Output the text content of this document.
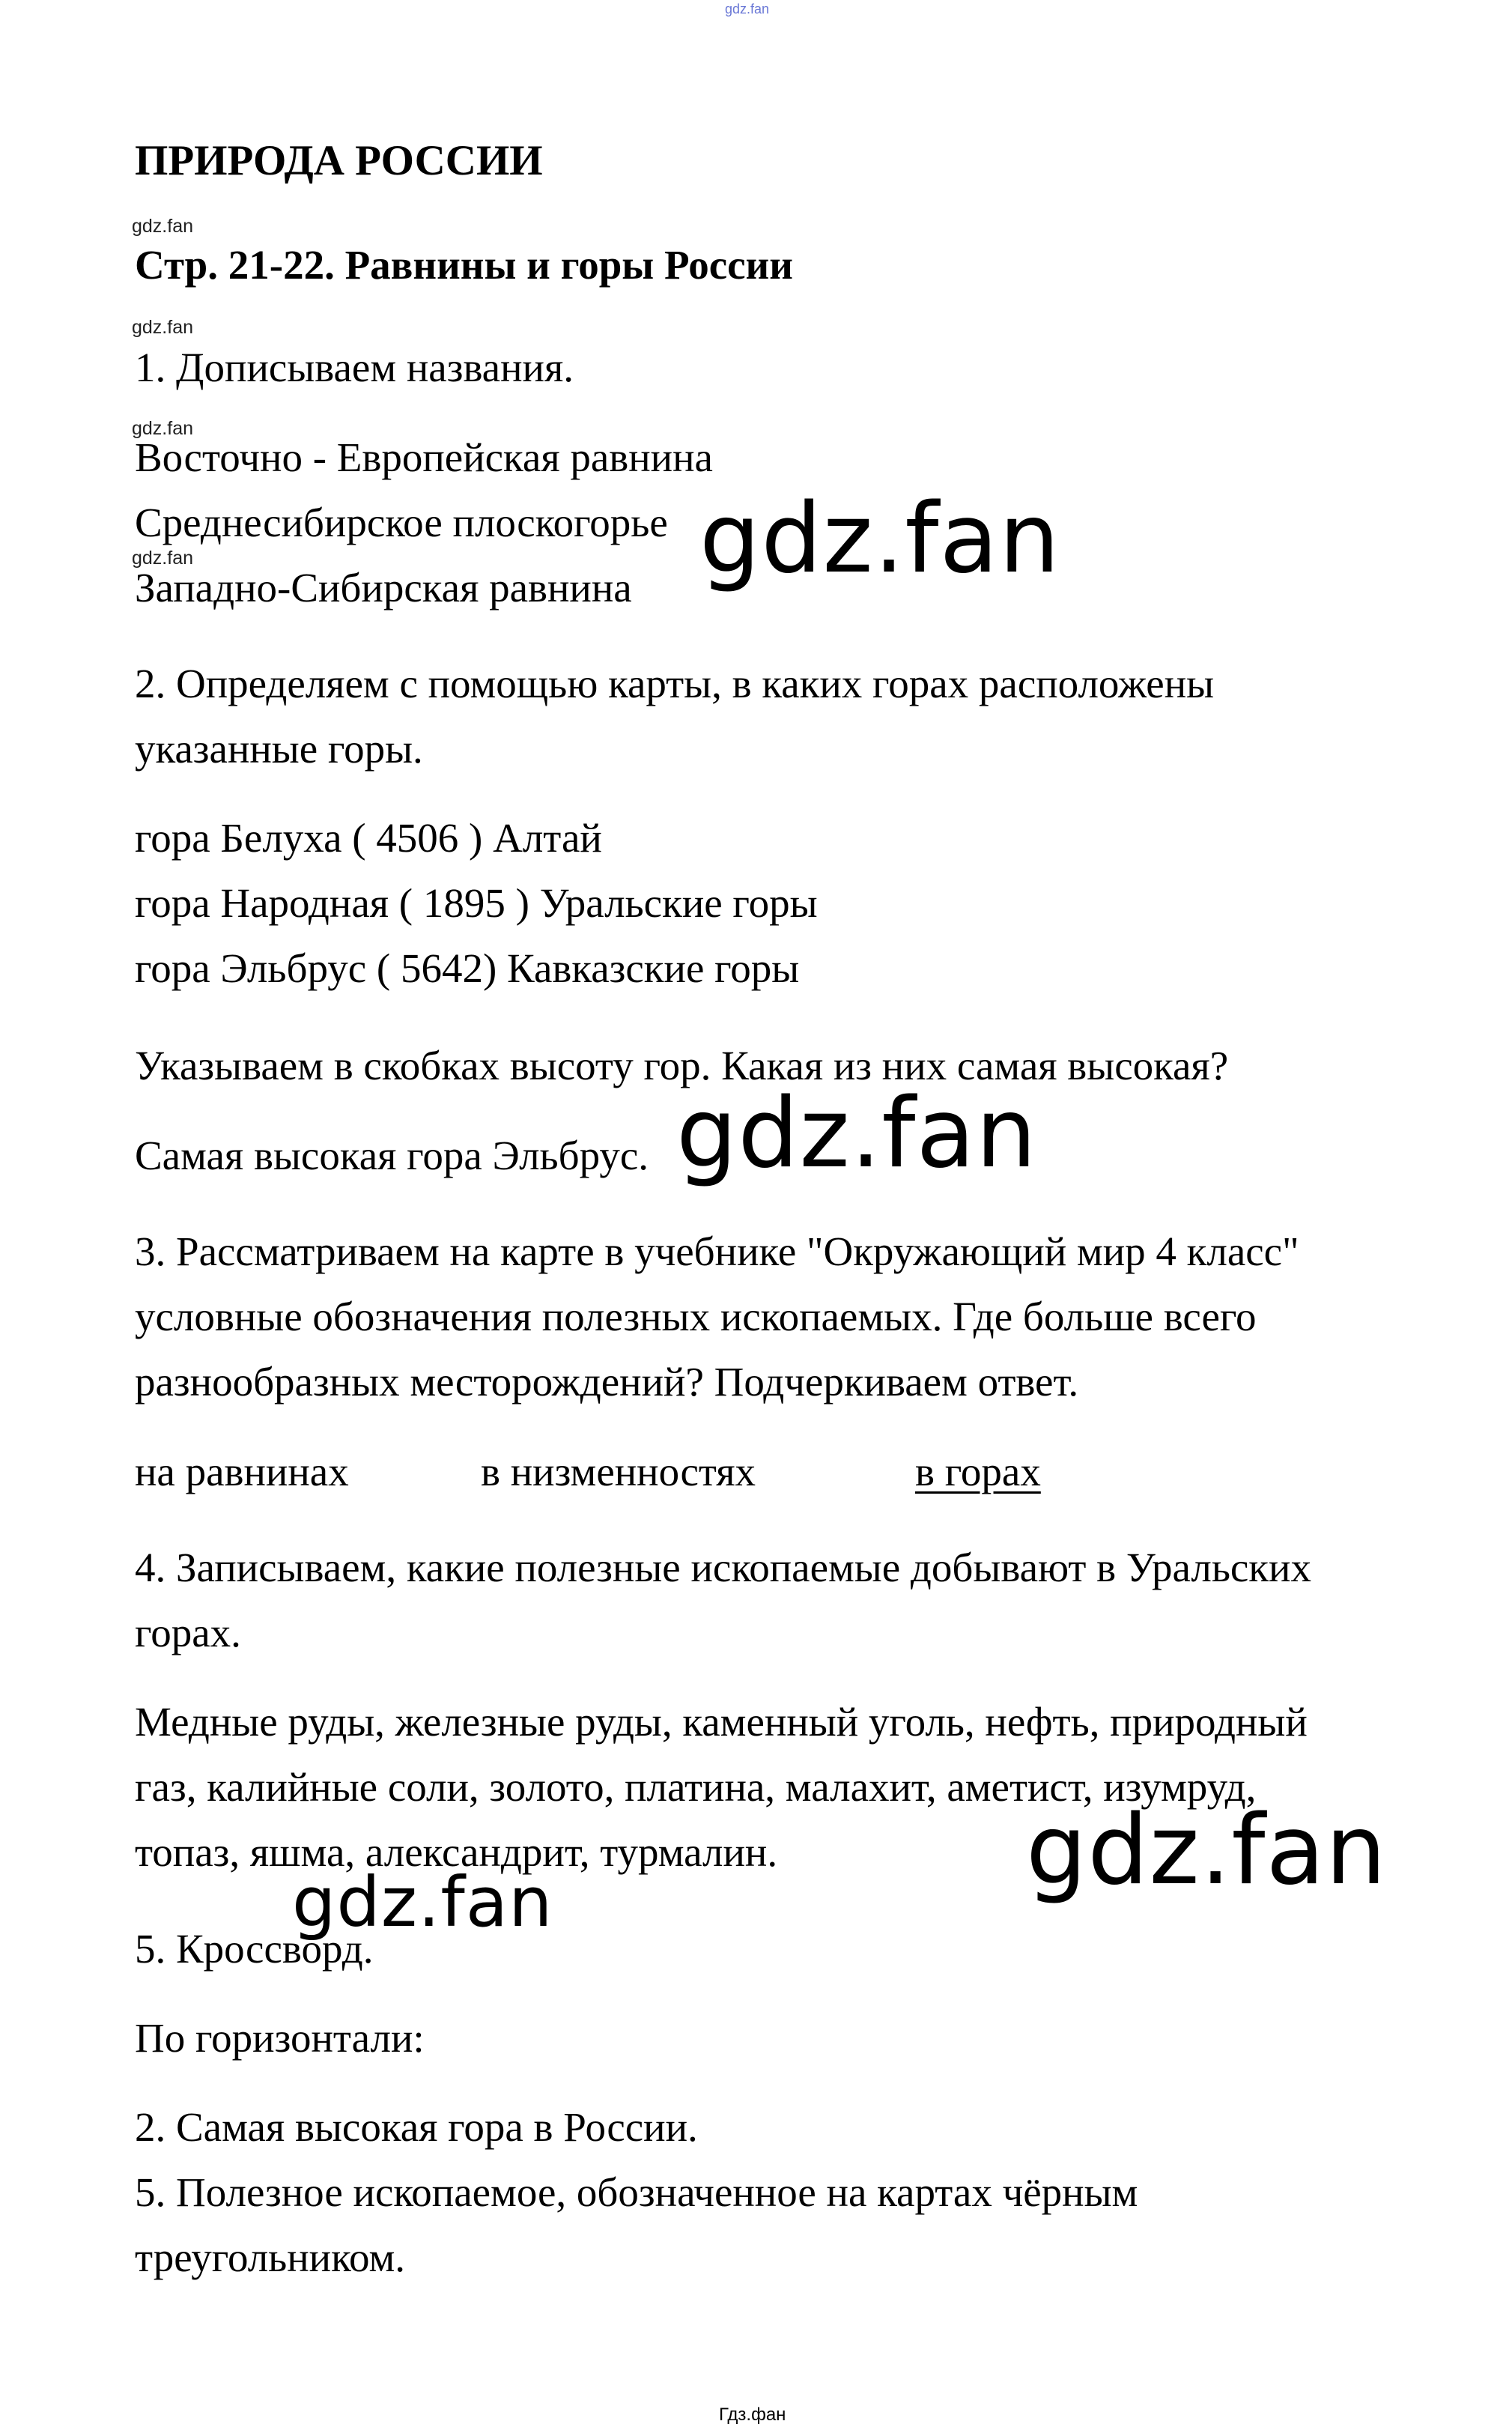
gdz.fan
ПРИРОДА РОССИИ
gdz.fan
Стр. 21-22. Равнины и горы России
gdz.fan
1. Дописываем названия.
gdz.fan
Восточно - Европейская равнина
Среднесибирское плоскогорье
gdz.fan
Западно-Сибирская равнина gdz.fan
2. Определяем с помощью карты, в каких горах расположены
указанные горы.
гора Белуха ( 4506 ) Алтай
гора Народная ( 1895 ) Уральские горы
гора Эльбрус ( 5642) Кавказские горы
Указываем в скобках высоту гор. Какая из них самая высокая?
Самая высокая гора Эльбрус. gdz.fan
3. Рассматриваем на карте в учебнике "Окружающий мир 4 класс"
условные обозначения полезных ископаемых. Где больше всего
разнообразных месторождений? Подчеркиваем ответ.
на равнинах	в низменностях	в горах
4. Записываем, какие полезные ископаемые добывают в Уральских
горах.
Медные руды, железные руды, каменный уголь, нефть, природный
газ, калийные соли, золото, платина, малахит, аметист, изумруд,
топаз, яшма, александрит, турмалин.	gdz.fan
gdz.fan
5. Кроссворд.
По горизонтали:
2. Самая высокая гора в России.
5. Полезное ископаемое, обозначенное на картах чёрным
треугольником.
Гдз.фан
